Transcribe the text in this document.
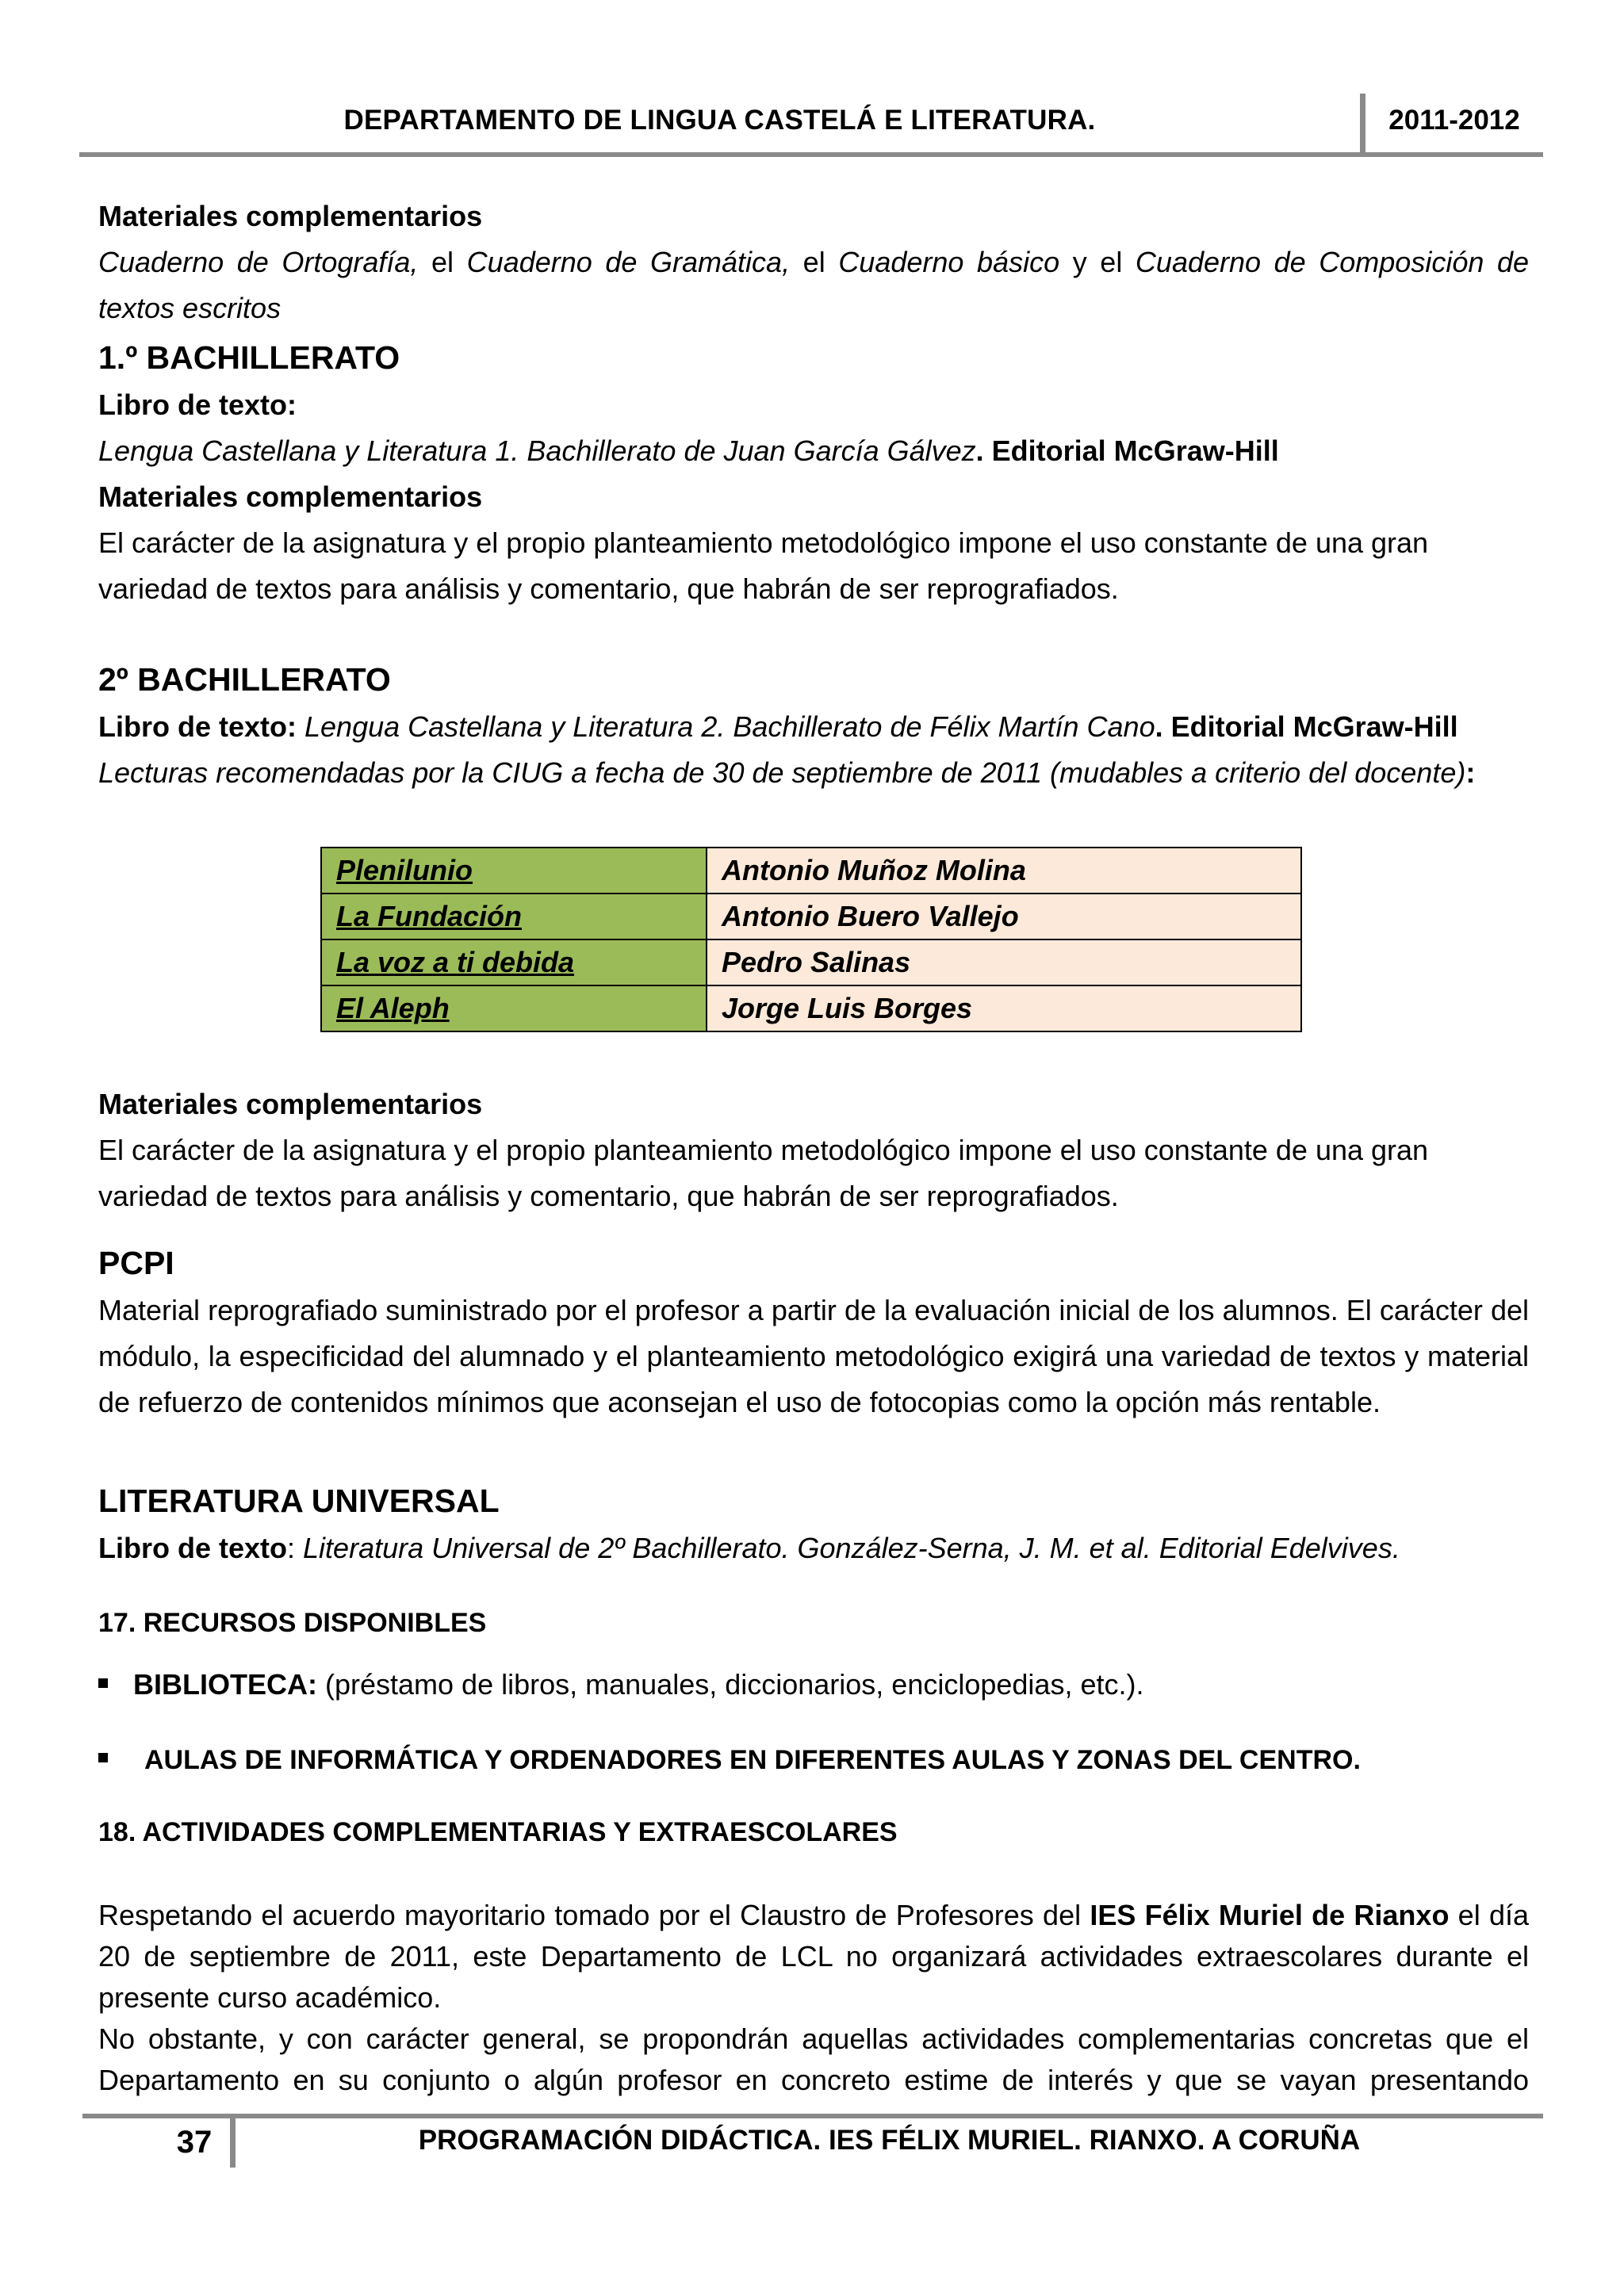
DEPARTAMENTO DE LINGUA CASTELÁ E LITERATURA.	2011-2012

Materiales complementarios

Cuaderno de Ortografía, el Cuaderno de Gramática, el Cuaderno básico y el Cuaderno de Composición de textos escritos

1.º BACHILLERATO

Libro de texto:

Lengua Castellana y Literatura 1. Bachillerato de Juan García Gálvez. Editorial McGraw-Hill

Materiales complementarios

El carácter de la asignatura y el propio planteamiento metodológico impone el uso constante de una gran variedad de textos para análisis y comentario, que habrán de ser reprografiados.

2º BACHILLERATO

Libro de texto: Lengua Castellana y Literatura 2. Bachillerato de Félix Martín Cano. Editorial McGraw-Hill

Lecturas recomendadas por la CIUG a fecha de 30 de septiembre de 2011 (mudables a criterio del docente):

Plenilunio	Antonio Muñoz Molina
La Fundación	Antonio Buero Vallejo
La voz a ti debida	Pedro Salinas
El Aleph	Jorge Luis Borges

Materiales complementarios

El carácter de la asignatura y el propio planteamiento metodológico impone el uso constante de una gran variedad de textos para análisis y comentario, que habrán de ser reprografiados.

PCPI

Material reprografiado suministrado por el profesor a partir de la evaluación inicial de los alumnos. El carácter del módulo, la especificidad del alumnado y el planteamiento metodológico exigirá una variedad de textos y material de refuerzo de contenidos mínimos que aconsejan el uso de fotocopias como la opción más rentable.

LITERATURA UNIVERSAL

Libro de texto: Literatura Universal de 2º Bachillerato. González-Serna, J. M. et al. Editorial Edelvives.

17. RECURSOS DISPONIBLES

BIBLIOTECA: (préstamo de libros, manuales, diccionarios, enciclopedias, etc.).

AULAS DE INFORMÁTICA Y ORDENADORES EN DIFERENTES AULAS Y ZONAS DEL CENTRO.

18. ACTIVIDADES COMPLEMENTARIAS Y EXTRAESCOLARES

Respetando el acuerdo mayoritario tomado por el Claustro de Profesores del IES Félix Muriel de Rianxo el día 20 de septiembre de 2011, este Departamento de LCL no organizará actividades extraescolares durante el presente curso académico.

No obstante, y con carácter general, se propondrán aquellas actividades complementarias concretas que el Departamento en su conjunto o algún profesor en concreto estime de interés y que se vayan presentando

37	PROGRAMACIÓN DIDÁCTICA. IES FÉLIX MURIEL. RIANXO. A CORUÑA
